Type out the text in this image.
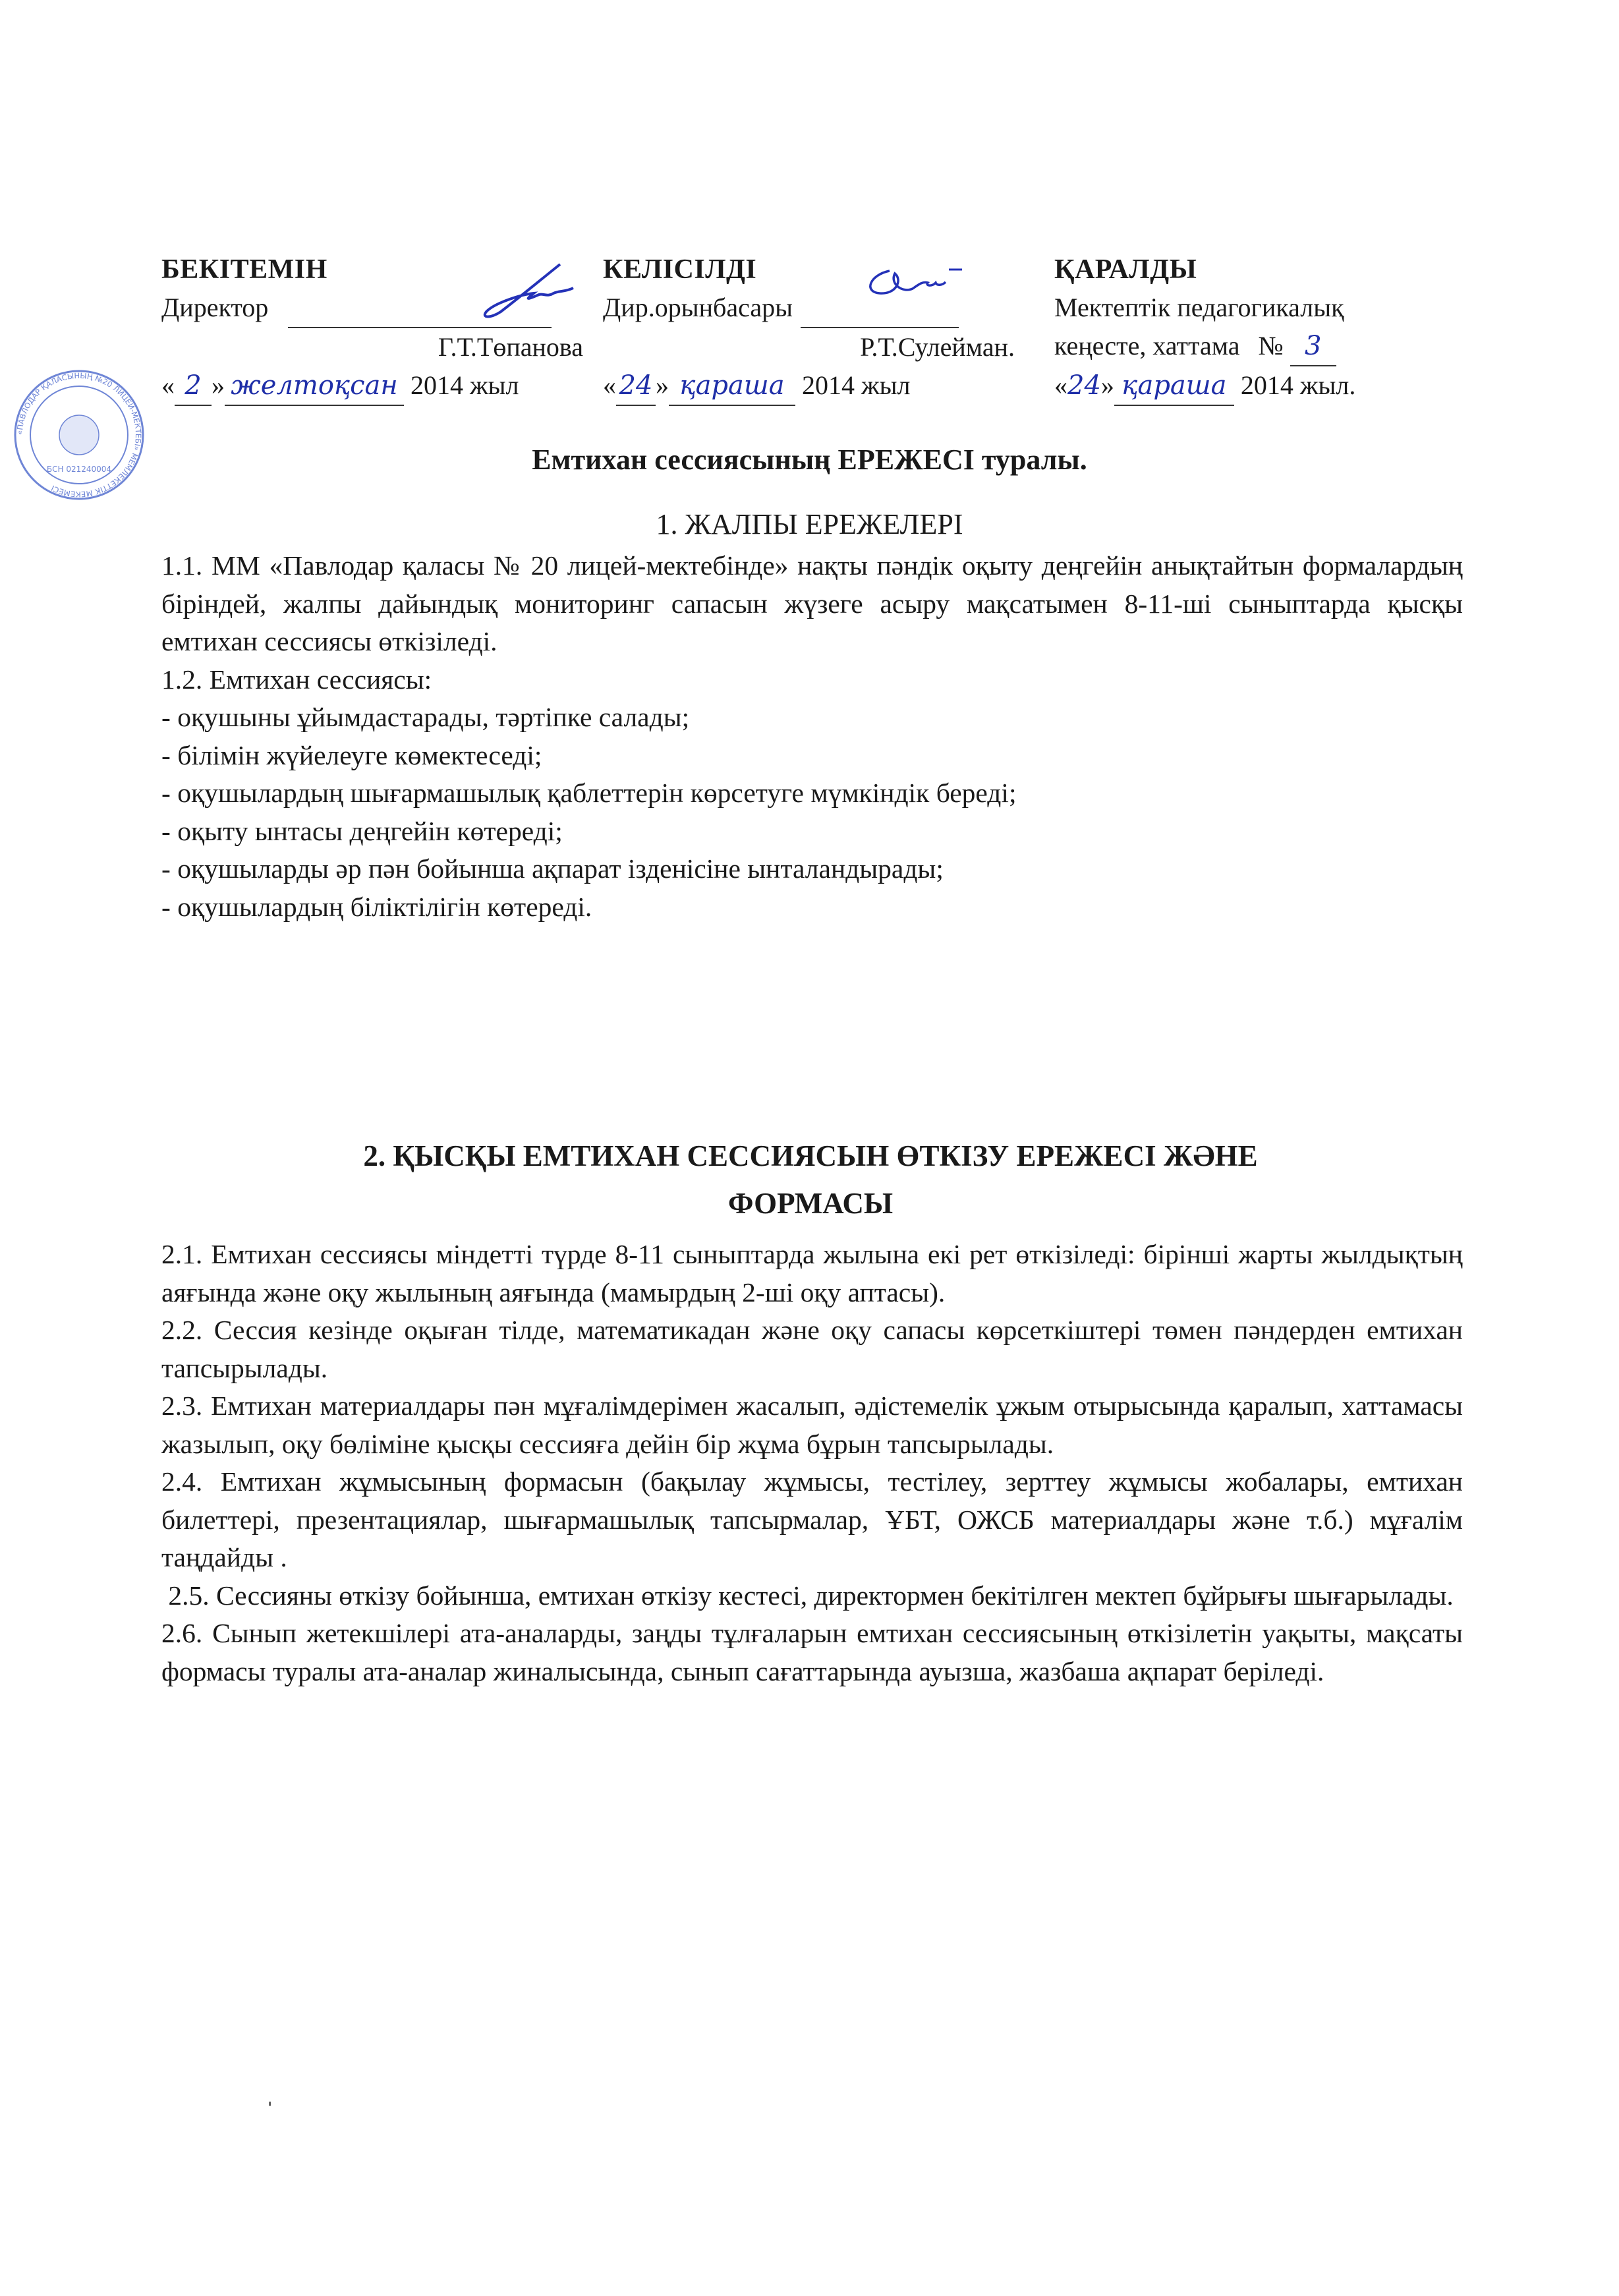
«ПАВЛОДАР ҚАЛАСЫНЫҢ №20 ЛИЦЕЙ-МЕКТЕБІ» МЕМЛЕКЕТТІК МЕКЕМЕСІ
БСН 021240004
БЕКІТЕМІН
Директор
Г.Т.Төпанова
« 2 » желтоқсан 2014 жыл
КЕЛІСІЛДІ
Дир.орынбасары
Р.Т.Сулейман.
« 24 » қараша 2014 жыл
ҚАРАЛДЫ
Мектептік педагогикалық
кеңесте, хаттама № 3
«24» қараша 2014 жыл.
Емтихан сессиясының ЕРЕЖЕСІ туралы.
1. ЖАЛПЫ ЕРЕЖЕЛЕРІ

1.1. ММ «Павлодар қаласы № 20 лицей-мектебінде» нақты пәндік оқыту деңгейін анықтайтын формалардың біріндей, жалпы дайындық мониторинг сапасын жүзеге асыру мақсатымен 8-11-ші сыныптарда қысқы емтихан сессиясы өткізіледі.

1.2. Емтихан сессиясы:

- оқушыны ұйымдастарады, тәртіпке салады;

- білімін жүйелеуге көмектеседі;

- оқушылардың шығармашылық қаблеттерін көрсетуге мүмкіндік береді;

- оқыту ынтасы деңгейін көтереді;

- оқушыларды әр пән бойынша ақпарат ізденісіне ынталандырады;

- оқушылардың біліктілігін көтереді.

2. ҚЫСҚЫ ЕМТИХАН СЕССИЯСЫН ӨТКІЗУ ЕРЕЖЕСІ ЖӘНЕ
ФОРМАСЫ

2.1. Емтихан сессиясы міндетті түрде 8-11 сыныптарда жылына екі рет өткізіледі: бірінші жарты жылдықтың аяғында және оқу жылының аяғында (мамырдың 2-ші оқу аптасы).

2.2. Сессия кезінде оқыған тілде, математикадан және оқу сапасы көрсеткіштері төмен пәндерден емтихан тапсырылады.

2.3. Емтихан материалдары пән мұғалімдерімен жасалып, әдістемелік ұжым отырысында қаралып, хаттамасы жазылып, оқу бөліміне қысқы сессияға дейін бір жұма бұрын тапсырылады.

2.4. Емтихан жұмысының формасын (бақылау жұмысы, тестілеу, зерттеу жұмысы жобалары, емтихан билеттері, презентациялар, шығармашылық тапсырмалар, ҰБТ, ОЖСБ материалдары және т.б.) мұғалім таңдайды .

2.5. Сессияны өткізу бойынша, емтихан өткізу кестесі, директормен бекітілген мектеп бұйрығы шығарылады.

2.6. Сынып жетекшілері ата-аналарды, заңды тұлғаларын емтихан сессиясының өткізілетін уақыты, мақсаты формасы туралы ата-аналар жиналысында, сынып сағаттарында ауызша, жазбаша ақпарат беріледі.

ˌ
